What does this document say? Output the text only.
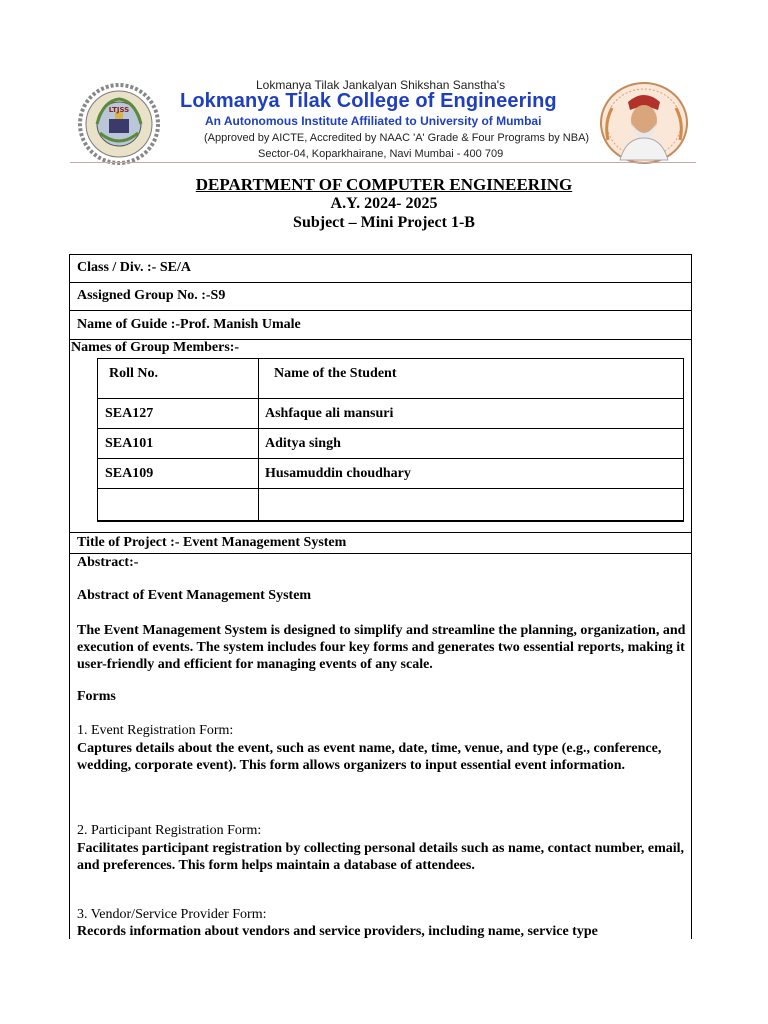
LTJSS
Lokmanya Tilak Jankalyan Shikshan Sanstha's
Lokmanya Tilak College of Engineering
An Autonomous Institute Affiliated to University of Mumbai
(Approved by AICTE, Accredited by NAAC 'A' Grade & Four Programs by NBA)
Sector-04, Koparkhairane, Navi Mumbai - 400 709
DEPARTMENT OF COMPUTER ENGINEERING
A.Y. 2024- 2025
Subject – Mini Project 1-B
Class / Div. :- SE/A
Assigned Group No. :-S9
Name of Guide :-Prof. Manish Umale
Names of Group Members:-
Roll No.	Name of the Student
SEA127	Ashfaque ali mansuri
SEA101	Aditya singh
SEA109	Husamuddin choudhary
Title of Project :- Event Management System
Abstract:-
Abstract of Event Management System
The Event Management System is designed to simplify and streamline the planning, organization, and execution of events. The system includes four key forms and generates two essential reports, making it user-friendly and efficient for managing events of any scale.
Forms
1. Event Registration Form:
Captures details about the event, such as event name, date, time, venue, and type (e.g., conference, wedding, corporate event). This form allows organizers to input essential event information.
2. Participant Registration Form:
Facilitates participant registration by collecting personal details such as name, contact number, email, and preferences. This form helps maintain a database of attendees.
3. Vendor/Service Provider Form:
Records information about vendors and service providers, including name, service type
